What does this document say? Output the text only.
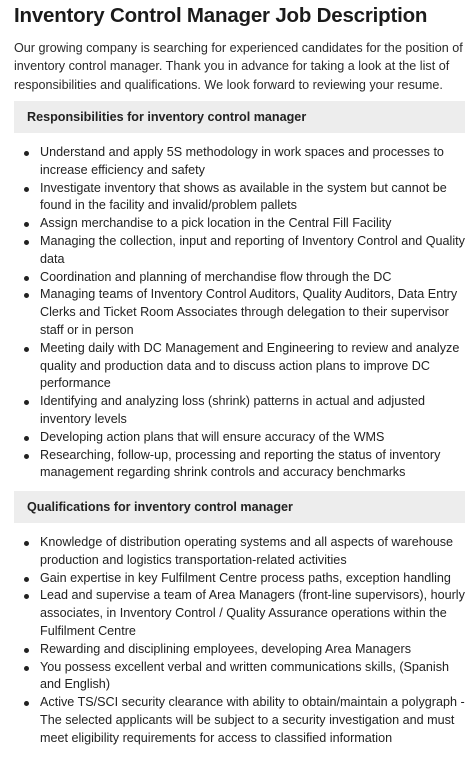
Inventory Control Manager Job Description
Our growing company is searching for experienced candidates for the position of inventory control manager. Thank you in advance for taking a look at the list of responsibilities and qualifications. We look forward to reviewing your resume.
Responsibilities for inventory control manager
Understand and apply 5S methodology in work spaces and processes to increase efficiency and safety
Investigate inventory that shows as available in the system but cannot be found in the facility and invalid/problem pallets
Assign merchandise to a pick location in the Central Fill Facility
Managing the collection, input and reporting of Inventory Control and Quality data
Coordination and planning of merchandise flow through the DC
Managing teams of Inventory Control Auditors, Quality Auditors, Data Entry Clerks and Ticket Room Associates through delegation to their supervisor staff or in person
Meeting daily with DC Management and Engineering to review and analyze quality and production data and to discuss action plans to improve DC performance
Identifying and analyzing loss (shrink) patterns in actual and adjusted inventory levels
Developing action plans that will ensure accuracy of the WMS
Researching, follow-up, processing and reporting the status of inventory management regarding shrink controls and accuracy benchmarks
Qualifications for inventory control manager
Knowledge of distribution operating systems and all aspects of warehouse production and logistics transportation-related activities
Gain expertise in key Fulfilment Centre process paths, exception handling
Lead and supervise a team of Area Managers (front-line supervisors), hourly associates, in Inventory Control / Quality Assurance operations within the Fulfilment Centre
Rewarding and disciplining employees, developing Area Managers
You possess excellent verbal and written communications skills, (Spanish and English)
Active TS/SCI security clearance with ability to obtain/maintain a polygraph - The selected applicants will be subject to a security investigation and must meet eligibility requirements for access to classified information
